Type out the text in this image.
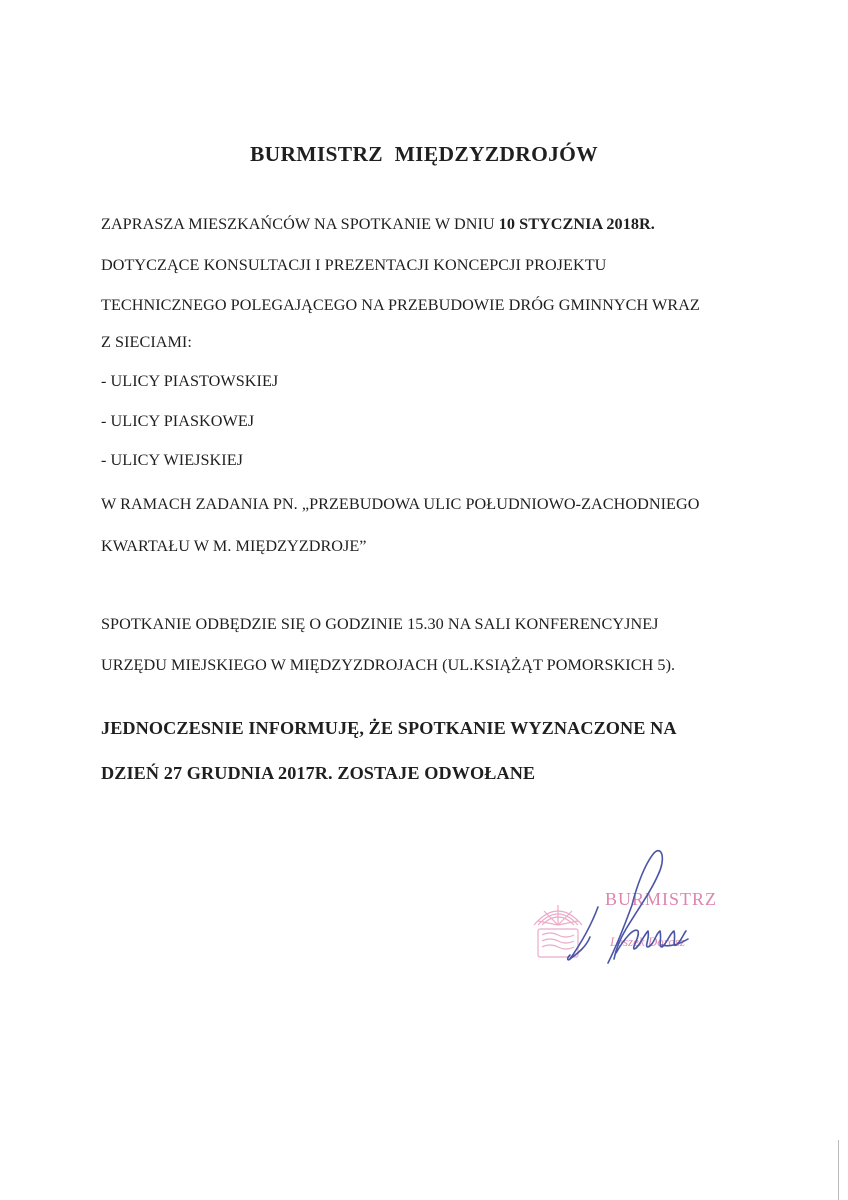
BURMISTRZ MIĘDZYZDROJÓW
ZAPRASZA MIESZKAŃCÓW NA SPOTKANIE W DNIU 10 STYCZNIA 2018R.
DOTYCZĄCE KONSULTACJI I PREZENTACJI KONCEPCJI PROJEKTU
TECHNICZNEGO POLEGAJĄCEGO NA PRZEBUDOWIE DRÓG GMINNYCH WRAZ
Z SIECIAMI:
- ULICY PIASTOWSKIEJ
- ULICY PIASKOWEJ
- ULICY WIEJSKIEJ
W RAMACH ZADANIA PN. „PRZEBUDOWA ULIC POŁUDNIOWO-ZACHODNIEGO
KWARTAŁU W M. MIĘDZYZDROJE”
SPOTKANIE ODBĘDZIE SIĘ O GODZINIE 15.30 NA SALI KONFERENCYJNEJ
URZĘDU MIEJSKIEGO W MIĘDZYZDROJACH (UL.KSIĄŻĄT POMORSKICH 5).
JEDNOCZESNIE INFORMUJĘ, ŻE SPOTKANIE WYZNACZONE NA
DZIEŃ 27 GRUDNIA 2017R. ZOSTAJE ODWOŁANE
BURMISTRZ
Leszek Dorosz
